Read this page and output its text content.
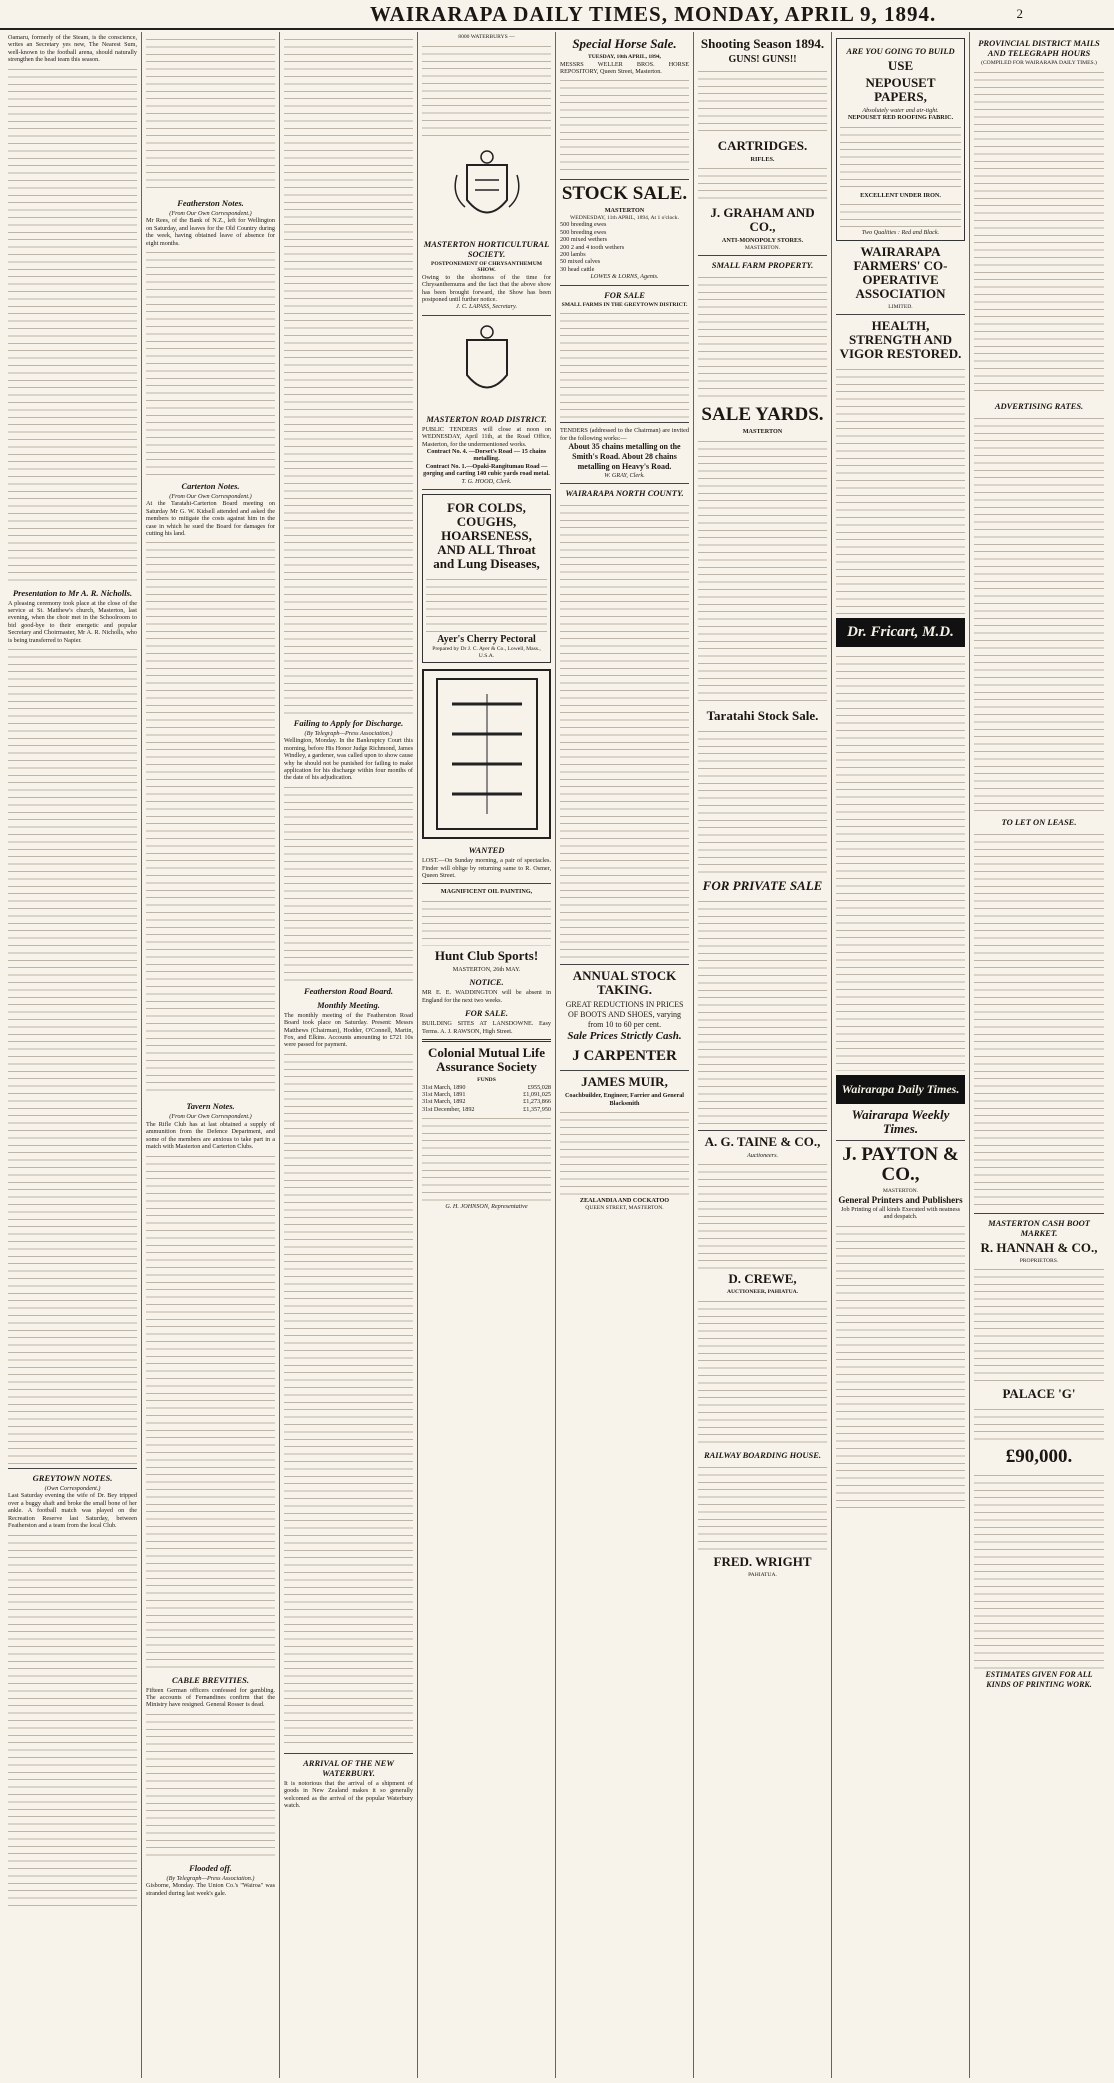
WAIRARAPA DAILY TIMES, MONDAY, APRIL 9, 1894.	2

Oamaru, formerly of the Steam, is the conscience, writes an Secretary yes new, The Nearest Sum, well-known to the football arena, should naturally strengthen the head team this season.

Presentation to Mr A. R. Nicholls.

A pleasing ceremony took place at the close of the service at St. Matthew's church, Masterton, last evening, when the choir met in the Schoolroom to bid good-bye to their energetic and popular Secretary and Choirmaster, Mr A. R. Nicholls, who is being transferred to Napier.

GREYTOWN NOTES.

(Own Correspondent.)

Last Saturday evening the wife of Dr. Bey tripped over a buggy shaft and broke the small bone of her ankle. A football match was played on the Recreation Reserve last Saturday, between Featherston and a team from the local Club.

Featherston Notes.

(From Our Own Correspondent.)

Mr Rees, of the Bank of N.Z., left for Wellington on Saturday, and leaves for the Old Country during the week, having obtained leave of absence for eight months.

Carterton Notes.

(From Our Own Correspondent.)

At the Taratahi-Carterton Board meeting on Saturday Mr G. W. Kidsell attended and asked the members to mitigate the costs against him in the case in which he sued the Board for damages for cutting his land.

Tavern Notes.

(From Our Own Correspondent.)

The Rifle Club has at last obtained a supply of ammunition from the Defence Department, and some of the members are anxious to take part in a match with Masterton and Carterton Clubs.

CABLE BREVITIES.

Fifteen German officers confessed for gambling. The accounts of Fernandines confirm that the Ministry have resigned. General Rosser is dead.

Flooded off.

(By Telegraph—Press Association.)

Gisborne, Monday. The Union Co.'s "Wairoa" was stranded during last week's gale.

Failing to Apply for Discharge.

(By Telegraph—Press Association.)

Wellington, Monday. In the Bankruptcy Court this morning, before His Honor Judge Richmond, James Windley, a gardener, was called upon to show cause why he should not be punished for failing to make application for his discharge within four months of the date of his adjudication.

Featherston Road Board.
Monthly Meeting.

The monthly meeting of the Featherston Road Board took place on Saturday. Present: Messrs Matthews (Chairman), Hodder, O'Connell, Martin, Fox, and Elkins. Accounts amounting to £721 10s were passed for payment.

ARRIVAL OF THE NEW WATERBURY.

It is notorious that the arrival of a shipment of goods in New Zealand makes it so generally welcomed as the arrival of the popular Waterbury watch.

8000 WATERBURYS —

MASTERTON HORTICULTURAL SOCIETY.

POSTPONEMENT OF CHRYSANTHEMUM SHOW.

Owing to the shortness of the time for Chrysanthemums and the fact that the above show has been brought forward, the Show has been postponed until further notice.

J. C. LAPASS, Secretary.

MASTERTON ROAD DISTRICT.

PUBLIC TENDERS will close at noon on WEDNESDAY, April 11th, at the Road Office, Masterton, for the undermentioned works.

Contract No. 4. —Dorset's Road — 15 chains metalling.

Contract No. 1.—Opaki-Rangitumau Road — gorging and carting 140 cubic yards road metal.

T. G. HOOD, Clerk.

FOR COLDS, COUGHS, HOARSENESS, AND ALL Throat and Lung Diseases,

Ayer's Cherry Pectoral

Prepared by Dr J. C. Ayer & Co., Lowell, Mass., U.S.A.

WANTED

LOST.—On Sunday morning, a pair of spectacles. Finder will oblige by returning same to R. Osmer, Queen Street.

MAGNIFICENT OIL PAINTING,

Hunt Club Sports!

MASTERTON, 26th MAY.

NOTICE.

MR E. E. WADDINGTON will be absent in England for the next two weeks.

FOR SALE.

BUILDING SITES AT LANSDOWNE. Easy Terms. A. J. RAWSON, High Street.

Colonial Mutual Life Assurance Society

FUNDS

31st March, 1890	£955,028
31st March, 1891	£1,091,025
31st March, 1892	£1,273,866
31st December, 1892	£1,357,950

G. H. JOHNSON, Representative

Special Horse Sale.

TUESDAY, 10th APRIL, 1894,

MESSRS WELLER BROS. HORSE REPOSITORY, Queen Street, Masterton.

STOCK SALE.

MASTERTON

WEDNESDAY, 11th APRIL, 1894, At 1 o'clock.

500 breeding ewes

500 breeding ewes

200 mixed wethers

200 2 and 4 tooth wethers

200 lambs

50 mixed calves

30 head cattle

LOWES & LORNS, Agents.

FOR SALE

SMALL FARMS IN THE GREYTOWN DISTRICT.

TENDERS (addressed to the Chairman) are invited for the following works:—

About 35 chains metalling on the Smith's Road. About 28 chains metalling on Heavy's Road.

W. GRAY, Clerk.

WAIRARAPA NORTH COUNTY.
ANNUAL STOCK TAKING.

GREAT REDUCTIONS IN PRICES OF BOOTS AND SHOES, varying from 10 to 60 per cent.

Sale Prices Strictly Cash.

J CARPENTER
JAMES MUIR,

Coachbuilder, Engineer, Farrier and General Blacksmith

ZEALANDIA AND COCKATOO

QUEEN STREET, MASTERTON.

Shooting Season 1894.

GUNS! GUNS!!

CARTRIDGES.

RIFLES.

J. GRAHAM AND CO.,

ANTI-MONOPOLY STORES.

MASTERTON.

SMALL FARM PROPERTY.
SALE YARDS.

MASTERTON

Taratahi Stock Sale.
FOR PRIVATE SALE
A. G. TAINE & CO.,

Auctioneers.

D. CREWE,

AUCTIONEER, PAHIATUA.

RAILWAY BOARDING HOUSE.
FRED. WRIGHT

PAHIATUA.

ARE YOU GOING TO BUILD
USE
NEPOUSET PAPERS,

Absolutely water and air-tight.

NEPOUSET RED ROOFING FABRIC.

EXCELLENT UNDER IRON.

Two Qualities : Red and Black.

WAIRARAPA FARMERS' CO-OPERATIVE ASSOCIATION

LIMITED.

HEALTH, STRENGTH AND VIGOR RESTORED.
Dr. Fricart, M.D.
Wairarapa Daily Times.
Wairarapa Weekly Times.
J. PAYTON & CO.,

MASTERTON.

General Printers and Publishers

Job Printing of all kinds Executed with neatness and despatch.

PROVINCIAL DISTRICT MAILS AND TELEGRAPH HOURS

(COMPILED FOR WAIRARAPA DAILY TIMES.)

ADVERTISING RATES.
TO LET ON LEASE.
MASTERTON CASH BOOT MARKET.
R. HANNAH & CO.,

PROPRIETORS.

PALACE 'G'
£90,000.

ESTIMATES GIVEN FOR ALL KINDS OF PRINTING WORK.
